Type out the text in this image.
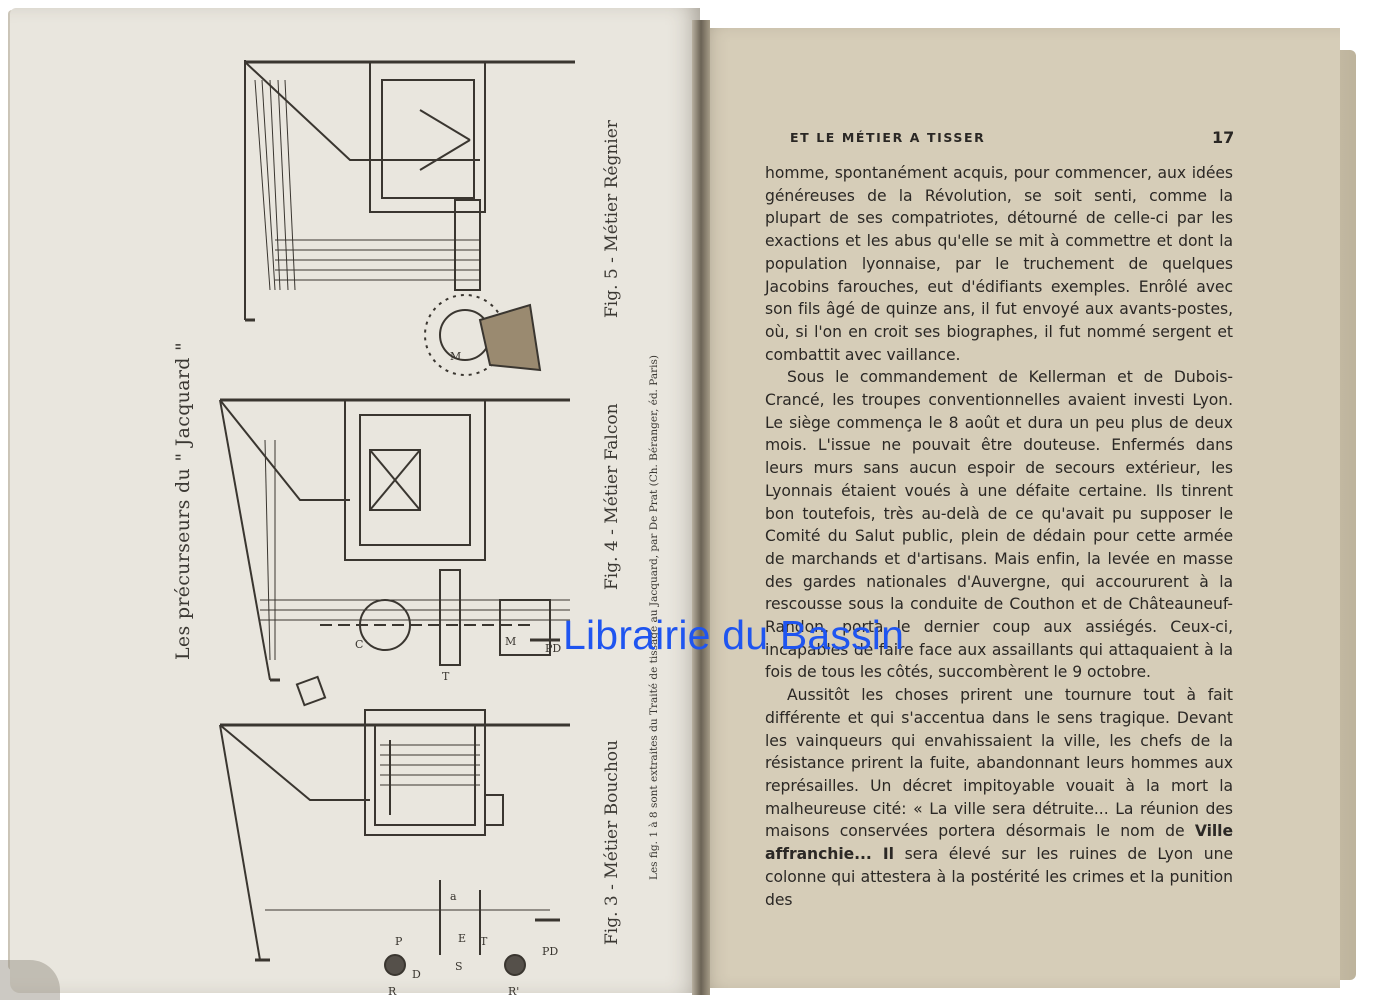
PD
PD
C	M
T
T
R	R'
D
E
S
P
M
a
Les précurseurs du " Jacquard "
Fig. 3 - Métier Bouchou
Fig. 4 - Métier Falcon
Fig. 5 - Métier Régnier
Les fig. 1 à 8 sont extraites du Traité de tissage au Jacquard, par De Prat (Ch. Béranger, éd. Paris)
ET LE MÉTIER A TISSER	17

homme, spontanément acquis, pour commencer, aux idées généreuses de la Révolution, se soit senti, comme la plupart de ses compatriotes, détourné de celle-ci par les exactions et les abus qu'elle se mit à commettre et dont la population lyonnaise, par le truchement de quelques Jacobins farouches, eut d'édifiants exemples. Enrôlé avec son fils âgé de quinze ans, il fut envoyé aux avants-postes, où, si l'on en croit ses biographes, il fut nommé sergent et combattit avec vaillance.

Sous le commandement de Kellerman et de Dubois-Crancé, les troupes conventionnelles avaient investi Lyon. Le siège commença le 8 août et dura un peu plus de deux mois. L'issue ne pouvait être douteuse. Enfermés dans leurs murs sans aucun espoir de secours extérieur, les Lyonnais étaient voués à une défaite certaine. Ils tinrent bon toutefois, très au-delà de ce qu'avait pu supposer le Comité du Salut public, plein de dédain pour cette armée de marchands et d'artisans. Mais enfin, la levée en masse des gardes nationales d'Auvergne, qui accoururent à la rescousse sous la conduite de Couthon et de Châteauneuf-Randon, porta le dernier coup aux assiégés. Ceux-ci, incapables de faire face aux assaillants qui attaquaient à la fois de tous les côtés, succombèrent le 9 octobre.

Aussitôt les choses prirent une tournure tout à fait différente et qui s'accentua dans le sens tragique. Devant les vainqueurs qui envahissaient la ville, les chefs de la résistance prirent la fuite, abandonnant leurs hommes aux représailles. Un décret impitoyable vouait à la mort la malheureuse cité: « La ville sera détruite... La réunion des maisons conservées portera désormais le nom de Ville affranchie... Il sera élevé sur les ruines de Lyon une colonne qui attestera à la postérité les crimes et la punition des

Librairie du Bassin
